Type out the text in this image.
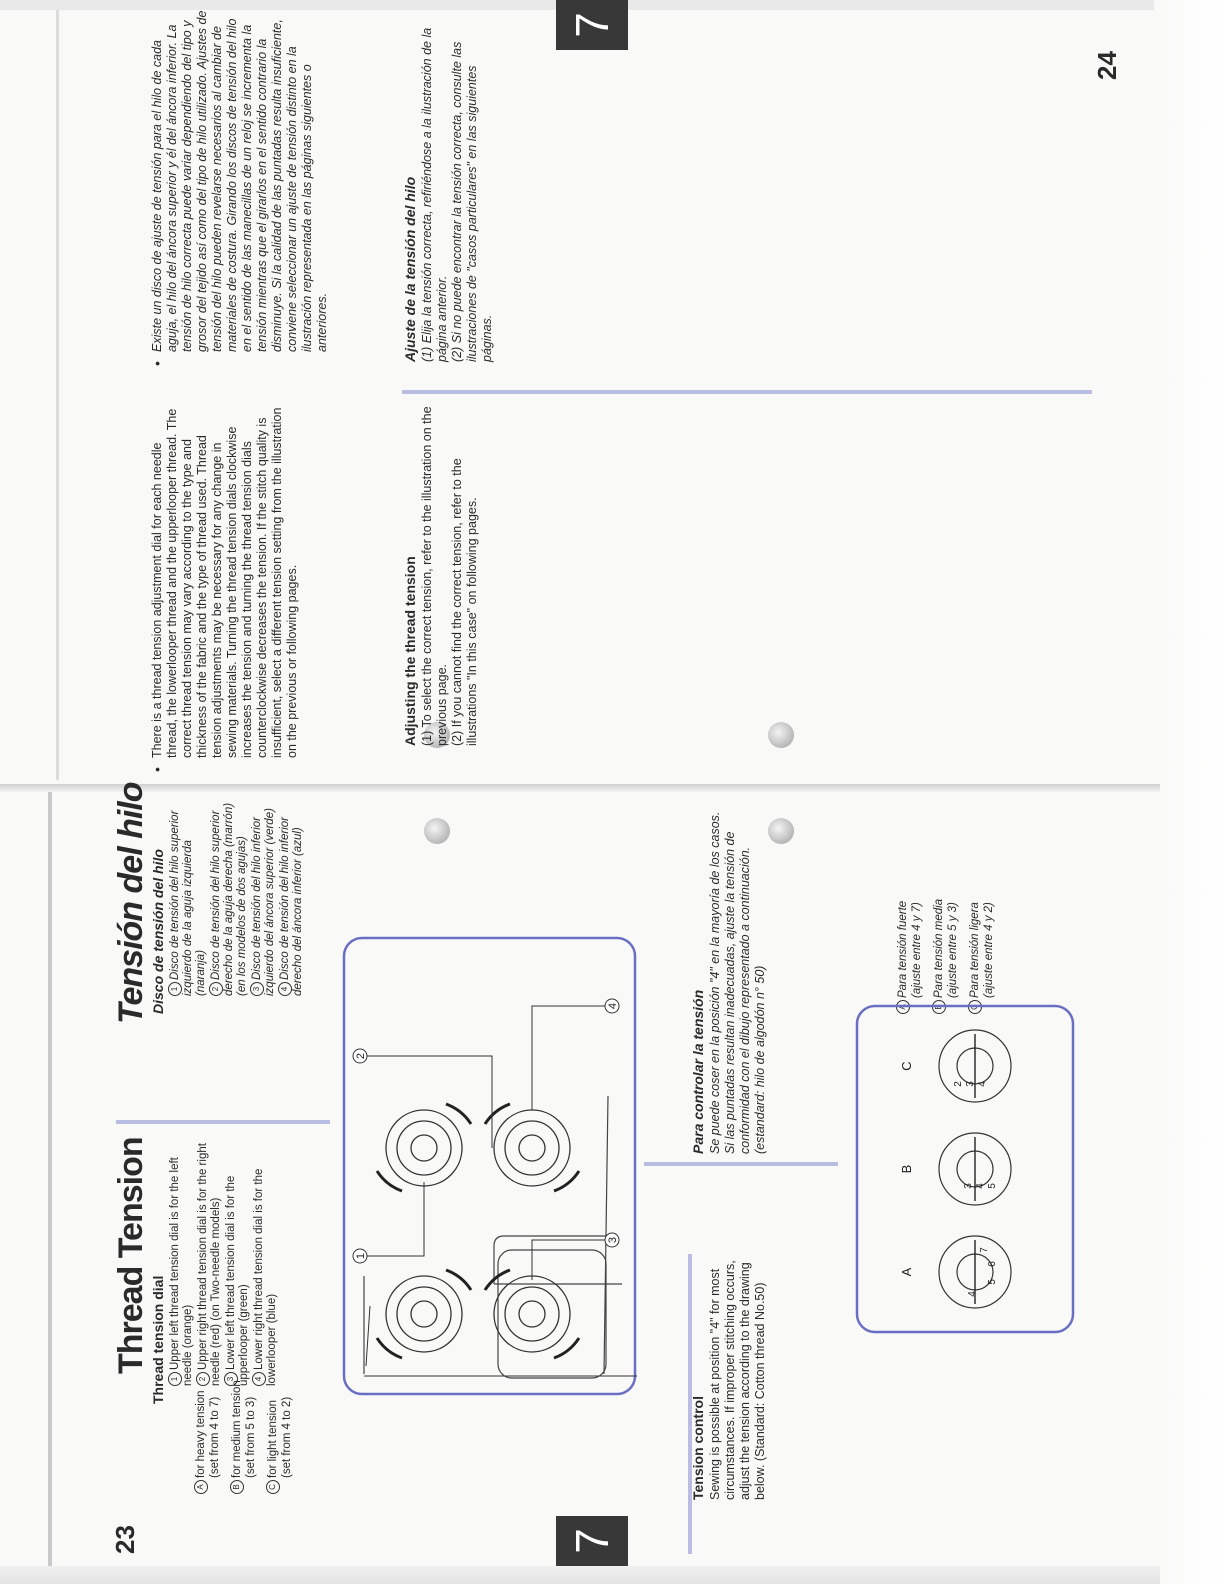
7
7
23
Thread Tension
Tensión del hilo
Thread tension dial 1Upper left thread tension dial is for the left needle (orange) 2Upper right thread tension dial is for the right needle (red) (on Two-needle models) 3Lower left thread tension dial is for the upperlooper (green) 4Lower right thread tension dial is for the lowerlooper (blue)
Disco de tensión del hilo 1Disco de tensión del hilo superior izquierdo de la aguja izquierda (naranja) 2Disco de tensión del hilo superior derecho de la aguja derecha (marrón) (en los modelos de dos agujas) 3Disco de tensión del hilo inferior izquierdo del áncora superior (verde) 4Disco de tensión del hilo inferior derecho del áncora inferior (azul)
1
2
3
4
Tension control Sewing is possible at position "4" for most circumstances. If improper stitching occurs, adjust the tension according to the drawing below. (Standard: Cotton thread No.50)

Para controlar la tensión Se puede coser en la posición "4" en la mayoría de los casos. Si las puntadas resultan inadecuadas, ajuste la tensión de conformidad con el dibujo representado a continuación. (estandard: hilo de algodón n° 50)

Afor heavy tension (set from 4 to 7)
Bfor medium tension (set from 5 to 3)
Cfor light tension (set from 4 to 2)
APara tensión fuerte (ajuste entre 4 y 7)
BPara tensión media (ajuste entre 5 y 3)
CPara tensión ligera (ajuste entre 4 y 2)
A
B
C
4
5
6
7
3 4 5
2 3 4
24
•

There is a thread tension adjustment dial for each needle thread, the lowerlooper thread and the upperlooper thread. The correct thread tension may vary according to the type and thickness of the fabric and the type of thread used. Thread tension adjustments may be necessary for any change in sewing materials. Turning the thread tension dials clockwise increases the tension and turning the thread tension dials counterclockwise decreases the tension. If the stitch quality is insufficient, select a different tension setting from the illustration on the previous or following pages.	Adjusting the thread tension (1) To select the correct tension, refer to the illustration on the previous page. (2) If you cannot find the correct tension, refer to the illustrations "In this case" on following pages.
•

Existe un disco de ajuste de tensión para el hilo de cada aguja, el hilo del áncora superior y él del áncora inferior. La tensión de hilo correcta puede variar dependiendo del tipo y grosor del tejido así como del tipo de hilo utilizado. Ajustes de tensión del hilo pueden revelarse necesarios al cambiar de materiales de costura. Girando los discos de tensión del hilo en el sentido de las manecillas de un reloj se incrementa la tensión mientras que el girarlos en el sentido contrario la disminuye. Si la calidad de las puntadas resulta insuficiente, conviene seleccionar un ajuste de tensión distinto en la ilustración representada en las páginas siguientes o anteriores.	Ajuste de la tensión del hilo (1) Elija la tensión correcta, refiriéndose a la ilustración de la página anterior. (2) Si no puede encontrar la tensión correcta, consulte las ilustraciones de "casos particulares" en las siguientes páginas.
